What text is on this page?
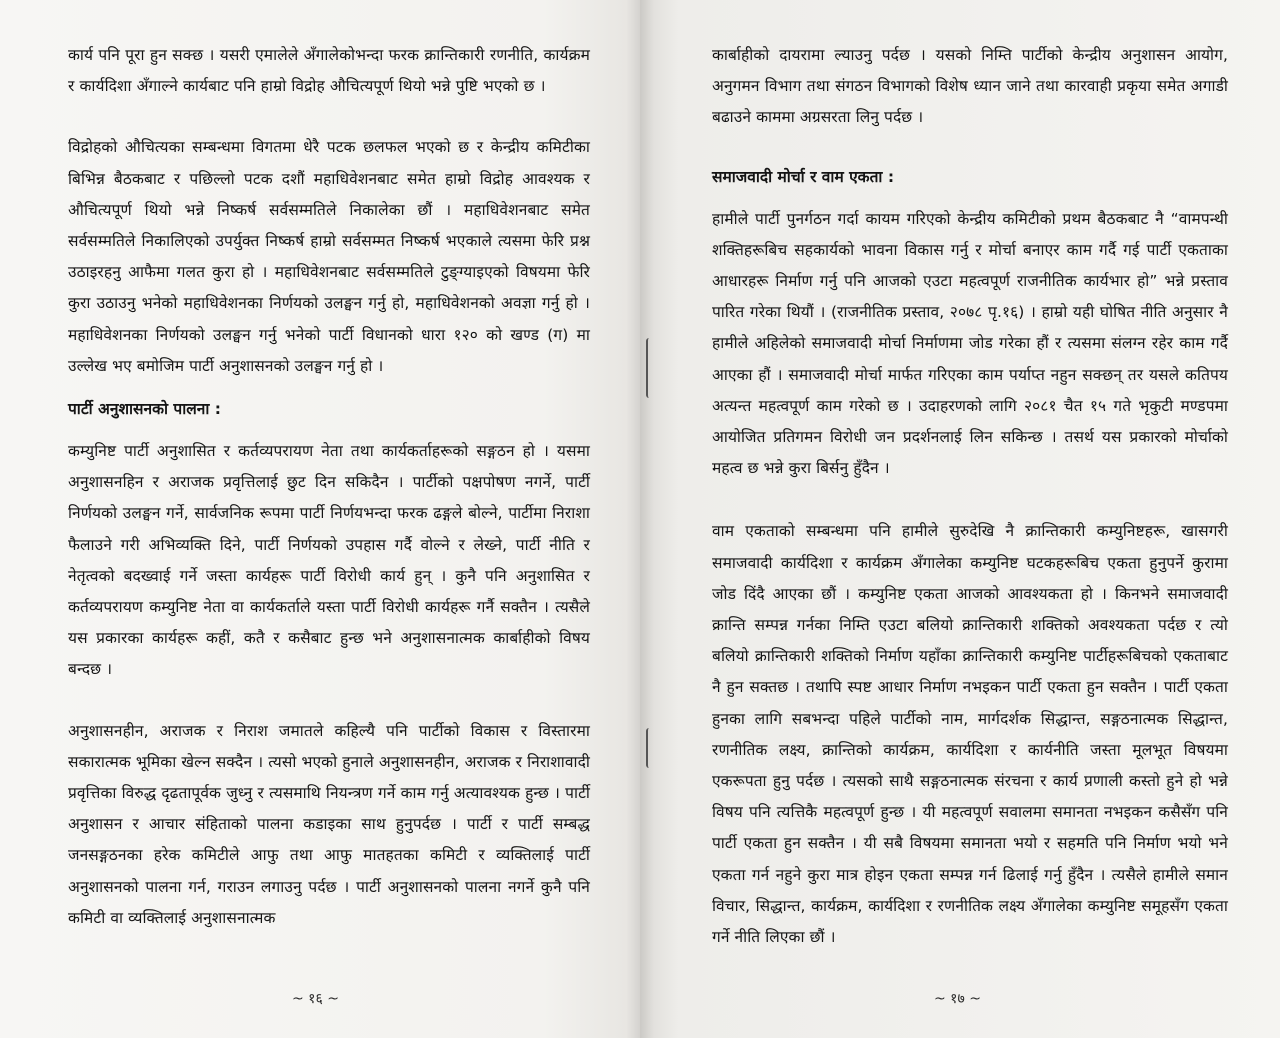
कार्य पनि पूरा हुन सक्छ । यसरी एमालेले अँगालेकोभन्दा फरक क्रान्तिकारी रणनीति, कार्यक्रम र कार्यदिशा अँगाल्ने कार्यबाट पनि हाम्रो विद्रोह औचित्यपूर्ण थियो भन्ने पुष्टि भएको छ ।

विद्रोहको औचित्यका सम्बन्धमा विगतमा धेरै पटक छलफल भएको छ र केन्द्रीय कमिटीका बिभिन्न बैठकबाट र पछिल्लो पटक दशौं महाधिवेशनबाट समेत हाम्रो विद्रोह आवश्यक र औचित्यपूर्ण थियो भन्ने निष्कर्ष सर्वसम्मतिले निकालेका छौं । महाधिवेशनबाट समेत सर्वसम्मतिले निकालिएको उपर्युक्त निष्कर्ष हाम्रो सर्वसम्मत निष्कर्ष भएकाले त्यसमा फेरि प्रश्न उठाइरहनु आफैमा गलत कुरा हो । महाधिवेशनबाट सर्वसम्मतिले टुङ्ग्याइएको विषयमा फेरि कुरा उठाउनु भनेको महाधिवेशनका निर्णयको उलङ्घन गर्नु हो, महाधिवेशनको अवज्ञा गर्नु हो । महाधिवेशनका निर्णयको उलङ्घन गर्नु भनेको पार्टी विधानको धारा १२० को खण्ड (ग) मा उल्लेख भए बमोजिम पार्टी अनुशासनको उलङ्घन गर्नु हो ।

पार्टी अनुशासनको पालना :

कम्युनिष्ट पार्टी अनुशासित र कर्तव्यपरायण नेता तथा कार्यकर्ताहरूको सङ्गठन हो । यसमा अनुशासनहिन र अराजक प्रवृत्तिलाई छुट दिन सकिदैन । पार्टीको पक्षपोषण नगर्ने, पार्टी निर्णयको उलङ्घन गर्ने, सार्वजनिक रूपमा पार्टी निर्णयभन्दा फरक ढङ्गले बोल्ने, पार्टीमा निराशा फैलाउने गरी अभिव्यक्ति दिने, पार्टी निर्णयको उपहास गर्दै वोल्ने र लेख्ने, पार्टी नीति र नेतृत्वको बदख्वाई गर्ने जस्ता कार्यहरू पार्टी विरोधी कार्य हुन् । कुनै पनि अनुशासित र कर्तव्यपरायण कम्युनिष्ट नेता वा कार्यकर्ताले यस्ता पार्टी विरोधी कार्यहरू गर्नै सक्तैन । त्यसैले यस प्रकारका कार्यहरू कहीं, कतै र कसैबाट हुन्छ भने अनुशासनात्मक कार्बाहीको विषय बन्दछ ।

अनुशासनहीन, अराजक र निराश जमातले कहिल्यै पनि पार्टीको विकास र विस्तारमा सकारात्मक भूमिका खेल्न सक्दैन । त्यसो भएको हुनाले अनुशासनहीन, अराजक र निराशावादी प्रवृत्तिका विरुद्ध दृढतापूर्वक जुध्नु र त्यसमाथि नियन्त्रण गर्ने काम गर्नु अत्यावश्यक हुन्छ । पार्टी अनुशासन र आचार संहिताको पालना कडाइका साथ हुनुपर्दछ । पार्टी र पार्टी सम्बद्ध जनसङ्गठनका हरेक कमिटीले आफु तथा आफु मातहतका कमिटी र व्यक्तिलाई पार्टी अनुशासनको पालना गर्न, गराउन लगाउनु पर्दछ । पार्टी अनुशासनको पालना नगर्ने कुनै पनि कमिटी वा व्यक्तिलाई अनुशासनात्मक

~ १६ ~

कार्बाहीको दायरामा ल्याउनु पर्दछ । यसको निम्ति पार्टीको केन्द्रीय अनुशासन आयोग, अनुगमन विभाग तथा संगठन विभागको विशेष ध्यान जाने तथा कारवाही प्रकृया समेत अगाडी बढाउने काममा अग्रसरता लिनु पर्दछ ।

समाजवादी मोर्चा र वाम एकता :

हामीले पार्टी पुनर्गठन गर्दा कायम गरिएको केन्द्रीय कमिटीको प्रथम बैठकबाट नै “वामपन्थी शक्तिहरूबिच सहकार्यको भावना विकास गर्नु र मोर्चा बनाएर काम गर्दै गई पार्टी एकताका आधारहरू निर्माण गर्नु पनि आजको एउटा महत्वपूर्ण राजनीतिक कार्यभार हो” भन्ने प्रस्ताव पारित गरेका थियौं । (राजनीतिक प्रस्ताव, २०७८ पृ.१६) । हाम्रो यही घोषित नीति अनुसार नै हामीले अहिलेको समाजवादी मोर्चा निर्माणमा जोड गरेका हौं र त्यसमा संलग्न रहेर काम गर्दै आएका हौं । समाजवादी मोर्चा मार्फत गरिएका काम पर्याप्त नहुन सक्छन् तर यसले कतिपय अत्यन्त महत्वपूर्ण काम गरेको छ । उदाहरणको लागि २०८१ चैत १५ गते भृकुटी मण्डपमा आयोजित प्रतिगमन विरोधी जन प्रदर्शनलाई लिन सकिन्छ । तसर्थ यस प्रकारको मोर्चाको महत्व छ भन्ने कुरा बिर्सनु हुँदैन ।

वाम एकताको सम्बन्धमा पनि हामीले सुरुदेखि नै क्रान्तिकारी कम्युनिष्टहरू, खासगरी समाजवादी कार्यदिशा र कार्यक्रम अँगालेका कम्युनिष्ट घटकहरूबिच एकता हुनुपर्ने कुरामा जोड दिंदै आएका छौं । कम्युनिष्ट एकता आजको आवश्यकता हो । किनभने समाजवादी क्रान्ति सम्पन्न गर्नका निम्ति एउटा बलियो क्रान्तिकारी शक्तिको अवश्यकता पर्दछ र त्यो बलियो क्रान्तिकारी शक्तिको निर्माण यहाँका क्रान्तिकारी कम्युनिष्ट पार्टीहरूबिचको एकताबाट नै हुन सक्तछ । तथापि स्पष्ट आधार निर्माण नभइकन पार्टी एकता हुन सक्तैन । पार्टी एकता हुनका लागि सबभन्दा पहिले पार्टीको नाम, मार्गदर्शक सिद्धान्त, सङ्गठनात्मक सिद्धान्त, रणनीतिक लक्ष्य, क्रान्तिको कार्यक्रम, कार्यदिशा र कार्यनीति जस्ता मूलभूत विषयमा एकरूपता हुनु पर्दछ । त्यसको साथै सङ्गठनात्मक संरचना र कार्य प्रणाली कस्तो हुने हो भन्ने विषय पनि त्यत्तिकै महत्वपूर्ण हुन्छ । यी महत्वपूर्ण सवालमा समानता नभइकन कसैसँग पनि पार्टी एकता हुन सक्तैन । यी सबै विषयमा समानता भयो र सहमति पनि निर्माण भयो भने एकता गर्न नहुने कुरा मात्र होइन एकता सम्पन्न गर्न ढिलाई गर्नु हुँदैन । त्यसैले हामीले समान विचार, सिद्धान्त, कार्यक्रम, कार्यदिशा र रणनीतिक लक्ष्य अँगालेका कम्युनिष्ट समूहसँग एकता गर्ने नीति लिएका छौं ।

~ १७ ~
